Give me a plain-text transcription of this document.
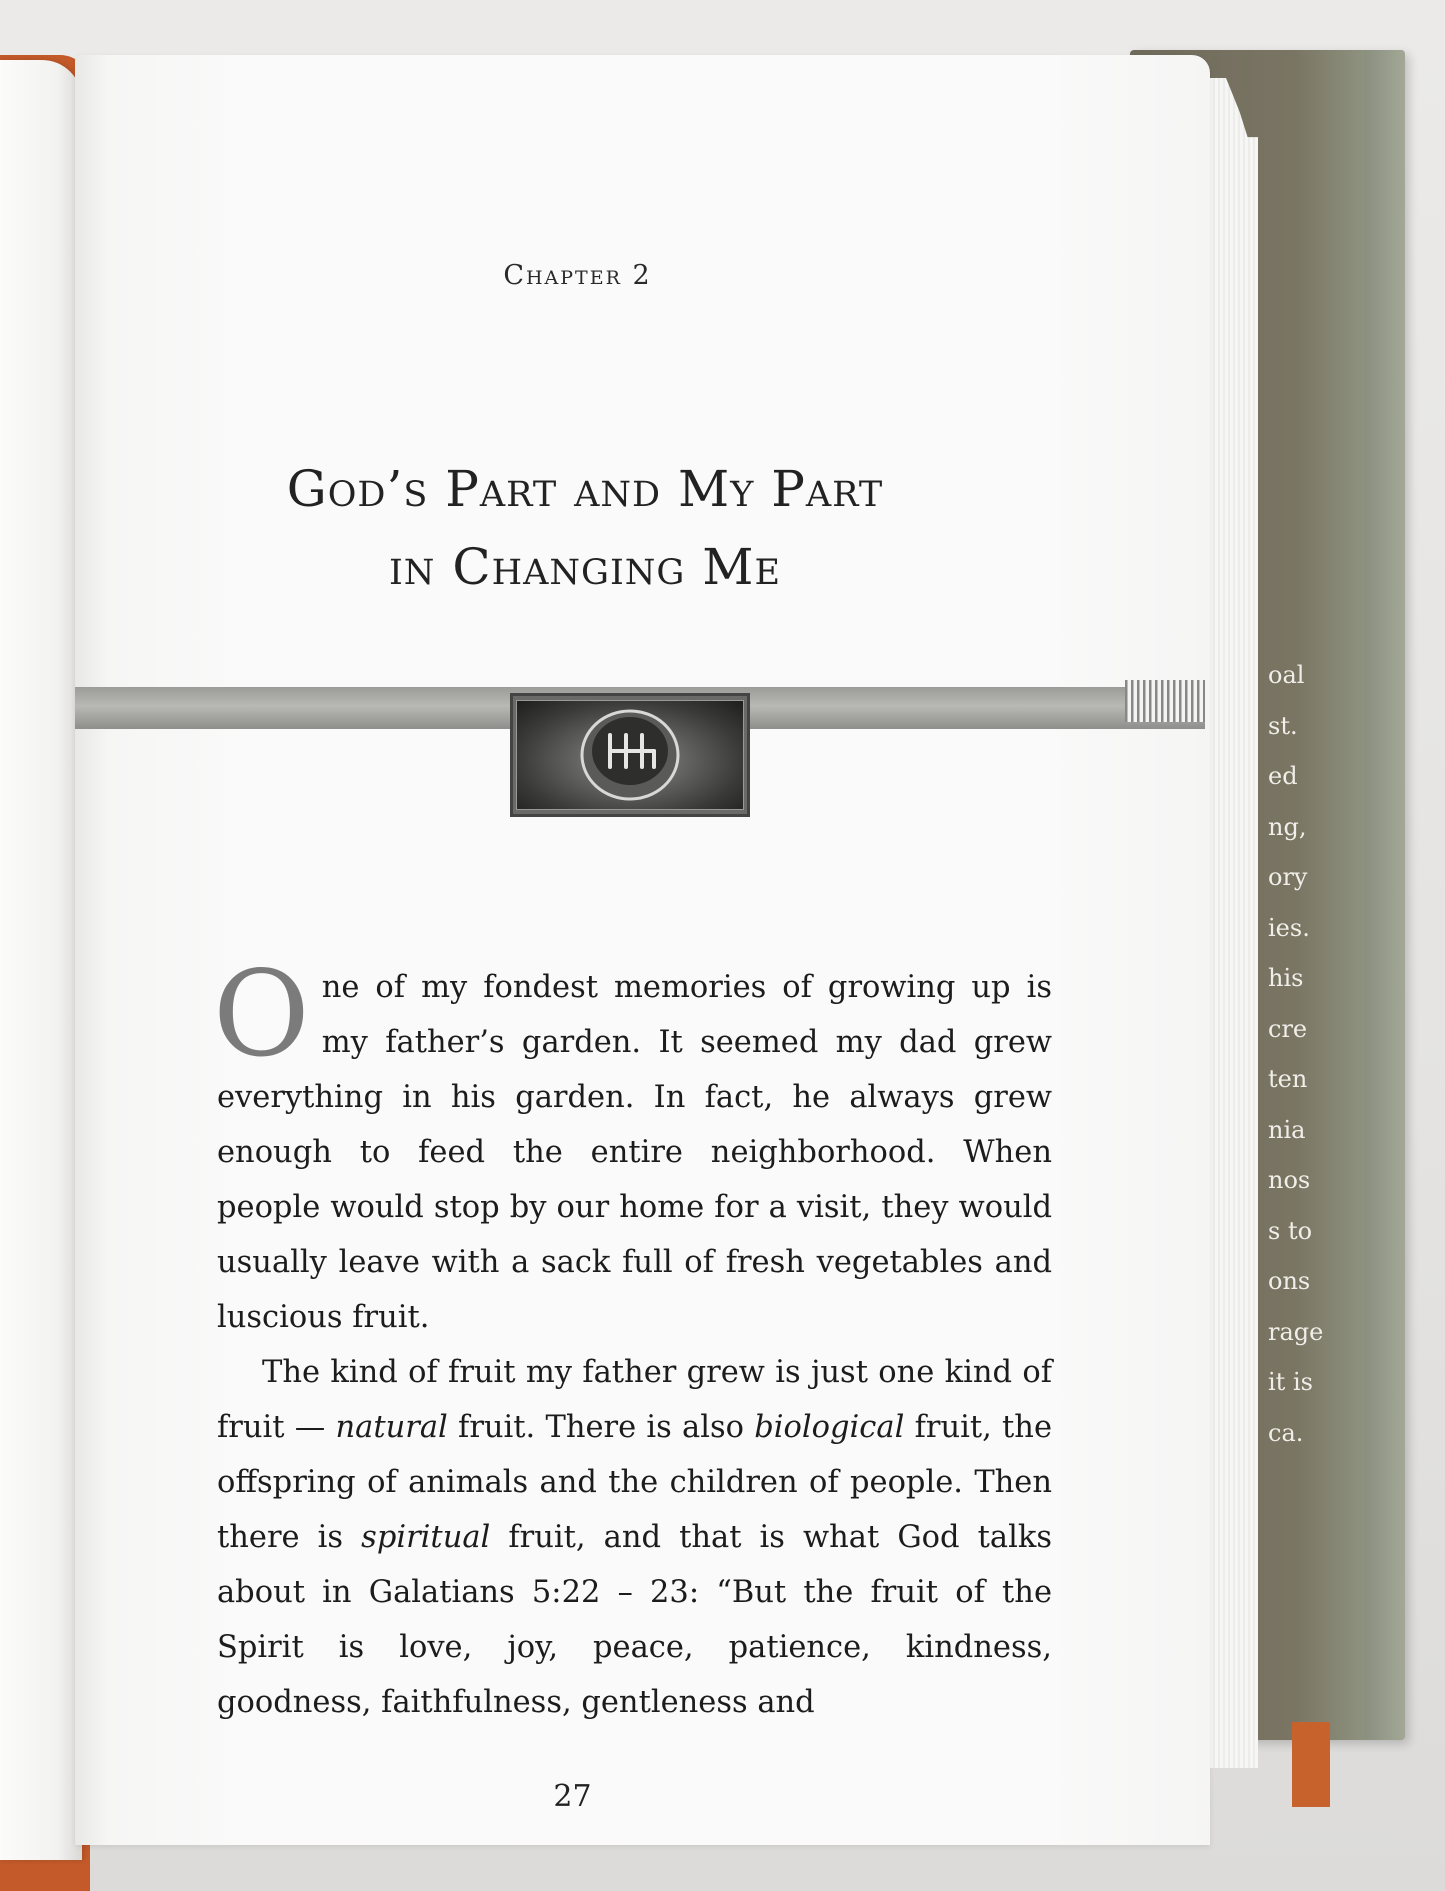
oal
st.
ed
ng,
ory
ies.
his
cre
ten
nia
nos
s to
ons
rage
it is
ca.
Chapter 2
God’s Part and My Part
in Changing Me

One of my fondest memories of growing up is my father’s garden. It seemed my dad grew everything in his garden. In fact, he always grew enough to feed the entire neighborhood. When people would stop by our home for a visit, they would usually leave with a sack full of fresh vegetables and luscious fruit.

The kind of fruit my father grew is just one kind of fruit — natural fruit. There is also biological fruit, the offspring of animals and the children of people. Then there is spiritual fruit, and that is what God talks about in Galatians 5:22 – 23: “But the fruit of the Spirit is love, joy, peace, patience, kindness, goodness, faithfulness, gentleness and

27
